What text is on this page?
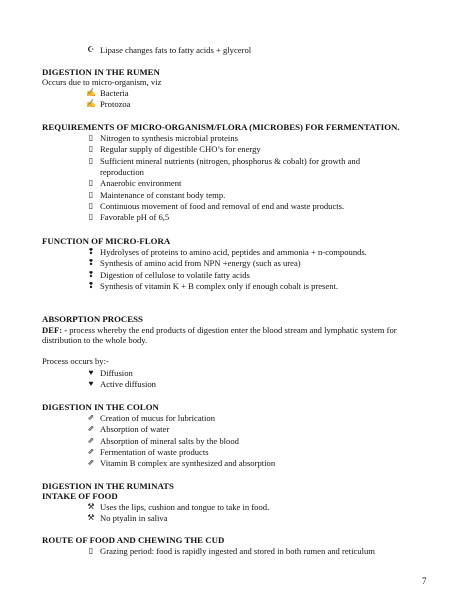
☪ Lipase changes fats to fatty acids + glycerol
DIGESTION IN THE RUMEN
Occurs due to micro-organism, viz
✍ Bacteria
✍ Protozoa
REQUIREMENTS OF MICRO-ORGANISM/FLORA (MICROBES) FOR FERMENTATION.
▯ Nitrogen to synthesis microbial proteins
▯ Regular supply of digestible CHO’s for energy
▯ Sufficient mineral nutrients (nitrogen, phosphorus & cobalt) for growth and
reproduction
▯ Anaerobic environment
▯ Maintenance of constant body temp.
▯ Continuous movement of food and removal of end and waste products.
▯ Favorable pH of 6,5
FUNCTION OF MICRO-FLORA
❢ Hydrolyses of proteins to amino acid, peptides and ammonia + n-compounds.
❢ Synthesis of amino acid from NPN +energy (such as urea)
❢ Digestion of cellulose to volatile fatty acids
❢ Synthesis of vitamin K + B complex only if enough cobalt is present.
ABSORPTION PROCESS
DEF: - process whereby the end products of digestion enter the blood stream and lymphatic system for
distribution to the whole body.
Process occurs by:-
♥ Diffusion
♥ Active diffusion
DIGESTION IN THE COLON
⇗ Creation of mucus for lubrication
⇗ Absorption of water
⇗ Absorption of mineral salts by the blood
⇗ Fermentation of waste products
⇗ Vitamin B complex are synthesized and absorption
DIGESTION IN THE RUMINATS
INTAKE OF FOOD
⚒ Uses the lips, cushion and tongue to take in food.
⚒ No ptyalin in saliva
ROUTE OF FOOD AND CHEWING THE CUD
▯ Grazing period: food is rapidly ingested and stored in both rumen and reticulum
7
